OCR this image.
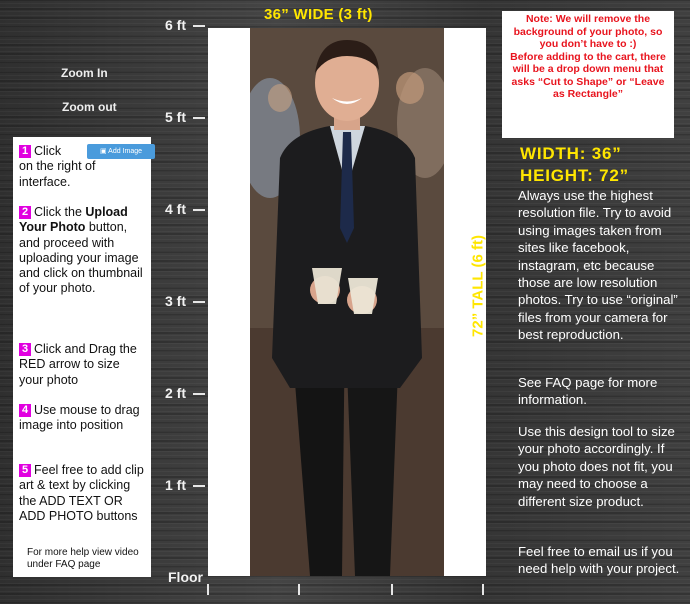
6 ft
5 ft
4 ft
3 ft
2 ft
1 ft
Floor
36” WIDE (3 ft)
72” TALL (6 ft)
Zoom In
Zoom out
1 Click
on the right of interface.
▣ Add Image
2 Click the Upload Your Photo button, and proceed with uploading your image and click on thumbnail of your photo.
3 Click and Drag the RED arrow to size your photo
4 Use mouse to drag image into position
5 Feel free to add clip art & text by clicking the ADD TEXT OR ADD PHOTO buttons
For more help view video under FAQ page

Note: We will remove the background of your photo, so you don’t have to :)

Before adding to the cart, there will be a drop down menu that asks “Cut to Shape” or “Leave as Rectangle”

WIDTH: 36”
HEIGHT: 72”
Always use the highest resolution file. Try to avoid using images taken from sites like facebook, instagram, etc because those are low resolution photos. Try to use “original” files from your camera for best reproduction.
See FAQ page for more information.
Use this design tool to size your photo accordingly. If you photo does not fit, you may need to choose a different size product.
Feel free to email us if you need help with your project.
